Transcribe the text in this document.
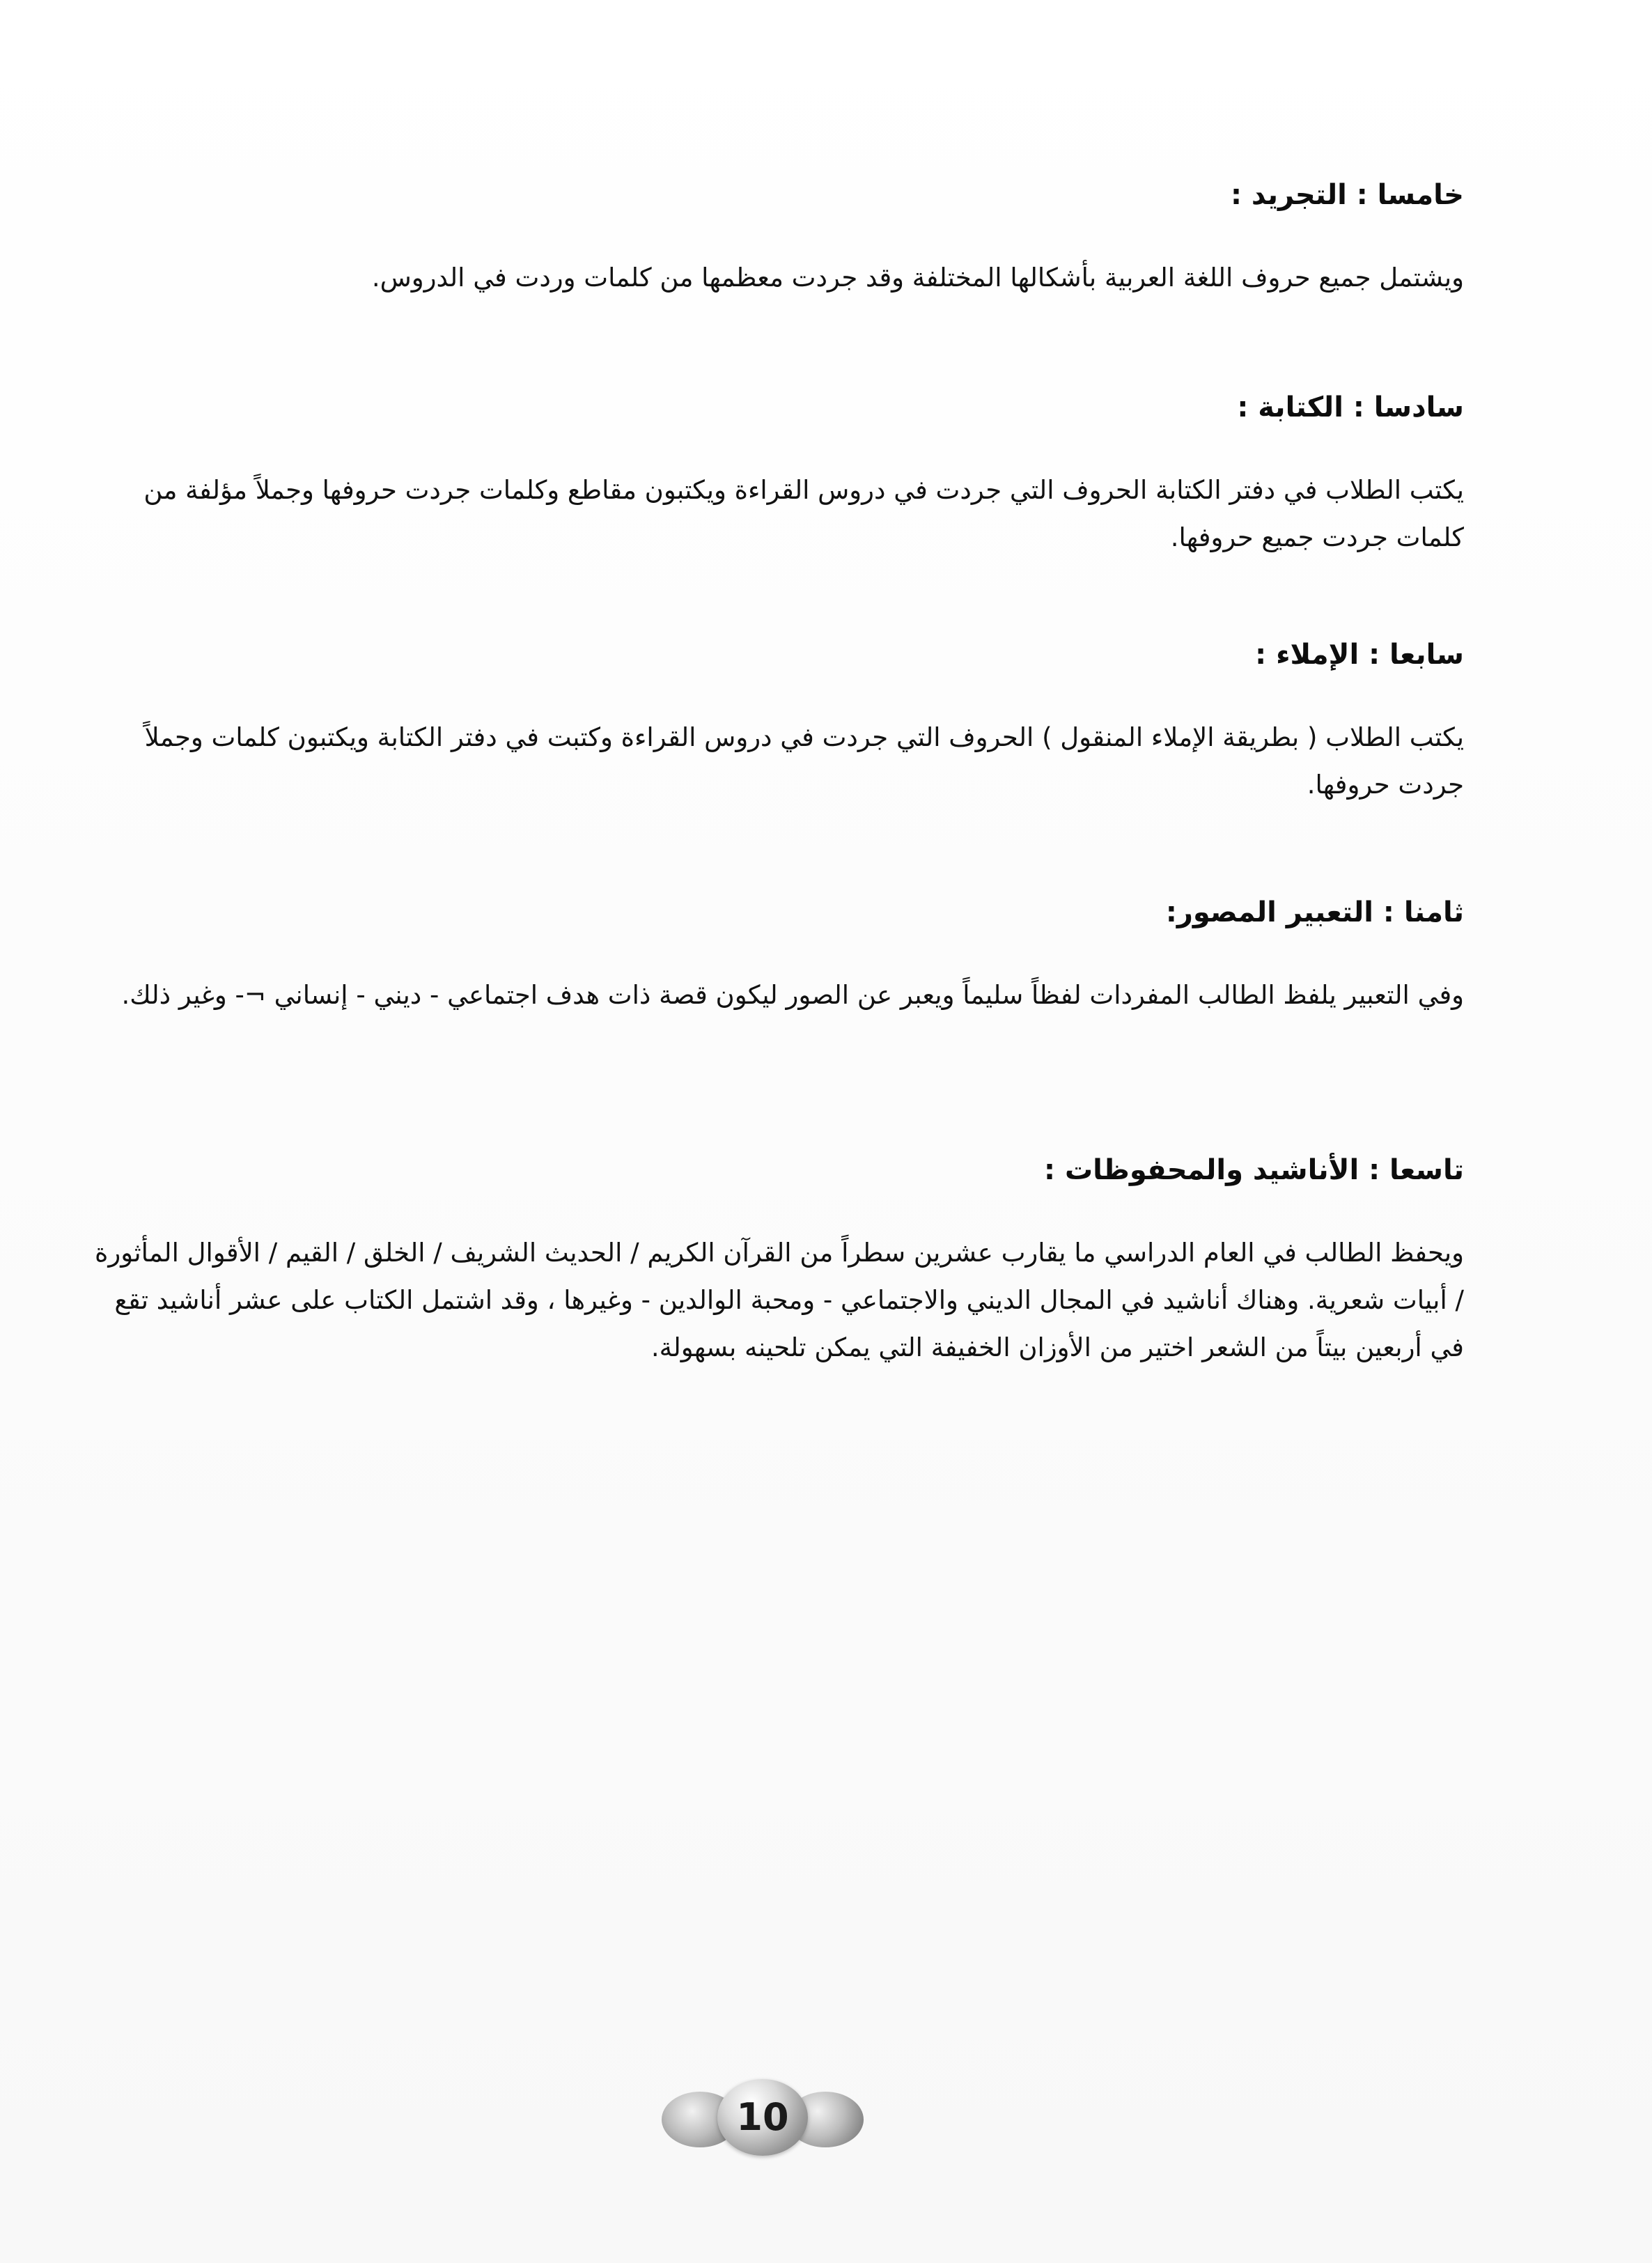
خامسا : التجريد :

ويشتمل جميع حروف اللغة العربية بأشكالها المختلفة وقد جردت معظمها من كلمات وردت في الدروس.

سادسا : الكتابة :

يكتب الطلاب في دفتر الكتابة الحروف التي جردت في دروس القراءة ويكتبون مقاطع وكلمات جردت حروفها وجملاً مؤلفة من كلمات جردت جميع حروفها.

سابعا : الإملاء :

يكتب الطلاب ( بطريقة الإملاء المنقول ) الحروف التي جردت في دروس القراءة وكتبت في دفتر الكتابة ويكتبون كلمات وجملاً جردت حروفها.

ثامنا : التعبير المصور:

وفي التعبير يلفظ الطالب المفردات لفظاً سليماً ويعبر عن الصور ليكون قصة ذات هدف اجتماعي - ديني - إنساني ¬- وغير ذلك.

تاسعا : الأناشيد والمحفوظات :

ويحفظ الطالب في العام الدراسي ما يقارب عشرين سطراً من القرآن الكريم / الحديث الشريف / الخلق / القيم / الأقوال المأثورة / أبيات شعرية. وهناك أناشيد في المجال الديني والاجتماعي - ومحبة الوالدين - وغيرها ، وقد اشتمل الكتاب على عشر أناشيد تقع في أربعين بيتاً من الشعر اختير من الأوزان الخفيفة التي يمكن تلحينه بسهولة.

10
